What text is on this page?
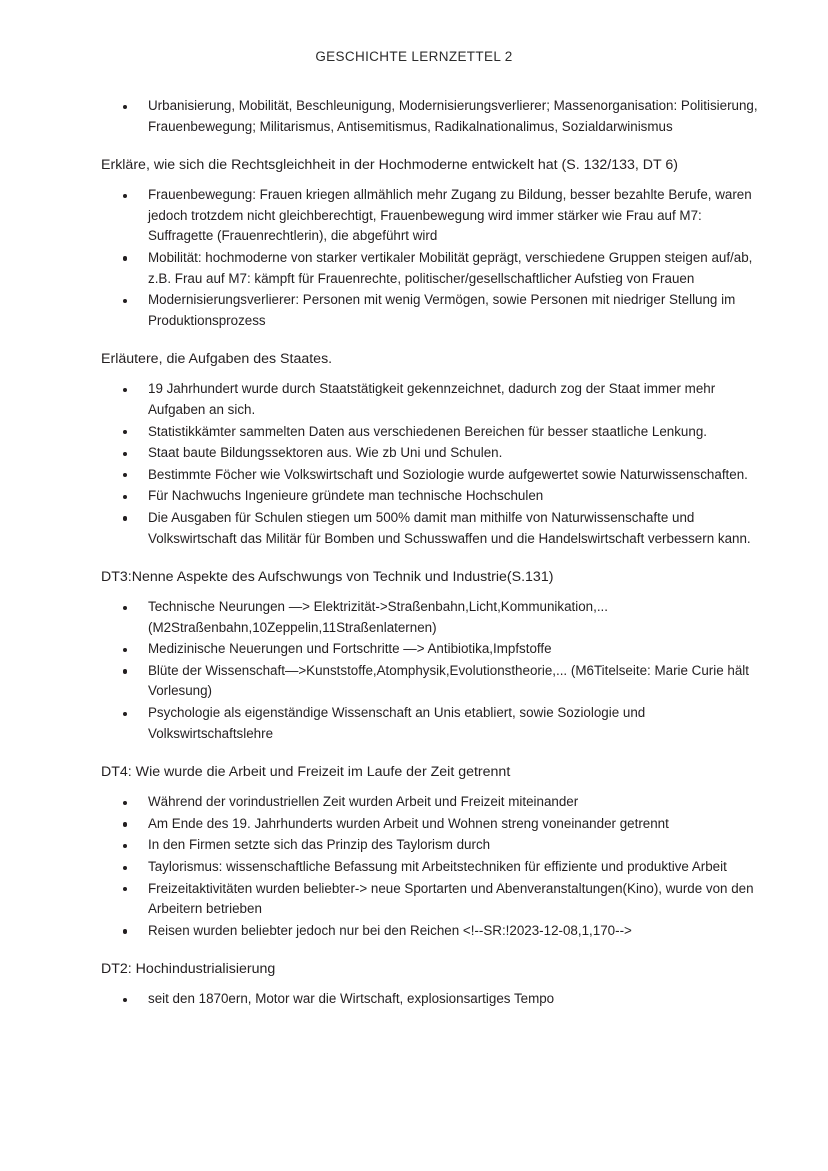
GESCHICHTE LERNZETTEL 2
Urbanisierung, Mobilität, Beschleunigung, Modernisierungsverlierer; Massenorganisation: Politisierung, Frauenbewegung; Militarismus, Antisemitismus, Radikalnationalimus, Sozialdarwinismus
Erkläre, wie sich die Rechtsgleichheit in der Hochmoderne entwickelt hat (S. 132/133, DT 6)
Frauenbewegung: Frauen kriegen allmählich mehr Zugang zu Bildung, besser bezahlte Berufe, waren jedoch trotzdem nicht gleichberechtigt, Frauenbewegung wird immer stärker wie Frau auf M7: Suffragette (Frauenrechtlerin), die abgeführt wird
Mobilität: hochmoderne von starker vertikaler Mobilität geprägt, verschiedene Gruppen steigen auf/ab, z.B. Frau auf M7: kämpft für Frauenrechte, politischer/gesellschaftlicher Aufstieg von Frauen
Modernisierungsverlierer: Personen mit wenig Vermögen, sowie Personen mit niedriger Stellung im Produktionsprozess
Erläutere, die Aufgaben des Staates.
19 Jahrhundert wurde durch Staatstätigkeit gekennzeichnet, dadurch zog der Staat immer mehr Aufgaben an sich.
Statistikkämter sammelten Daten aus verschiedenen Bereichen für besser staatliche Lenkung.
Staat baute Bildungssektoren aus. Wie zb Uni und Schulen.
Bestimmte Föcher wie Volkswirtschaft und Soziologie wurde aufgewertet sowie Naturwissenschaften.
Für Nachwuchs Ingenieure gründete man technische Hochschulen
Die Ausgaben für Schulen stiegen um 500% damit man mithilfe von Naturwissenschafte und Volkswirtschaft das Militär für Bomben und Schusswaffen und die Handelswirtschaft verbessern kann.
DT3:Nenne Aspekte des Aufschwungs von Technik und Industrie(S.131)
Technische Neurungen —> Elektrizität->Straßenbahn,Licht,Kommunikation,... (M2Straßenbahn,10Zeppelin,11Straßenlaternen)
Medizinische Neuerungen und Fortschritte —> Antibiotika,Impfstoffe
Blüte der Wissenschaft—>Kunststoffe,Atomphysik,Evolutionstheorie,... (M6Titelseite: Marie Curie hält Vorlesung)
Psychologie als eigenständige Wissenschaft an Unis etabliert, sowie Soziologie und Volkswirtschaftslehre
DT4: Wie wurde die Arbeit und Freizeit im Laufe der Zeit getrennt
Während der vorindustriellen Zeit wurden Arbeit und Freizeit miteinander
Am Ende des 19. Jahrhunderts wurden Arbeit und Wohnen streng voneinander getrennt
In den Firmen setzte sich das Prinzip des Taylorism durch
Taylorismus: wissenschaftliche Befassung mit Arbeitstechniken für effiziente und produktive Arbeit
Freizeitaktivitäten wurden beliebter-> neue Sportarten und Abenveranstaltungen(Kino), wurde von den Arbeitern betrieben
Reisen wurden beliebter jedoch nur bei den Reichen <!--SR:!2023-12-08,1,170-->
DT2: Hochindustrialisierung
seit den 1870ern, Motor war die Wirtschaft, explosionsartiges Tempo
